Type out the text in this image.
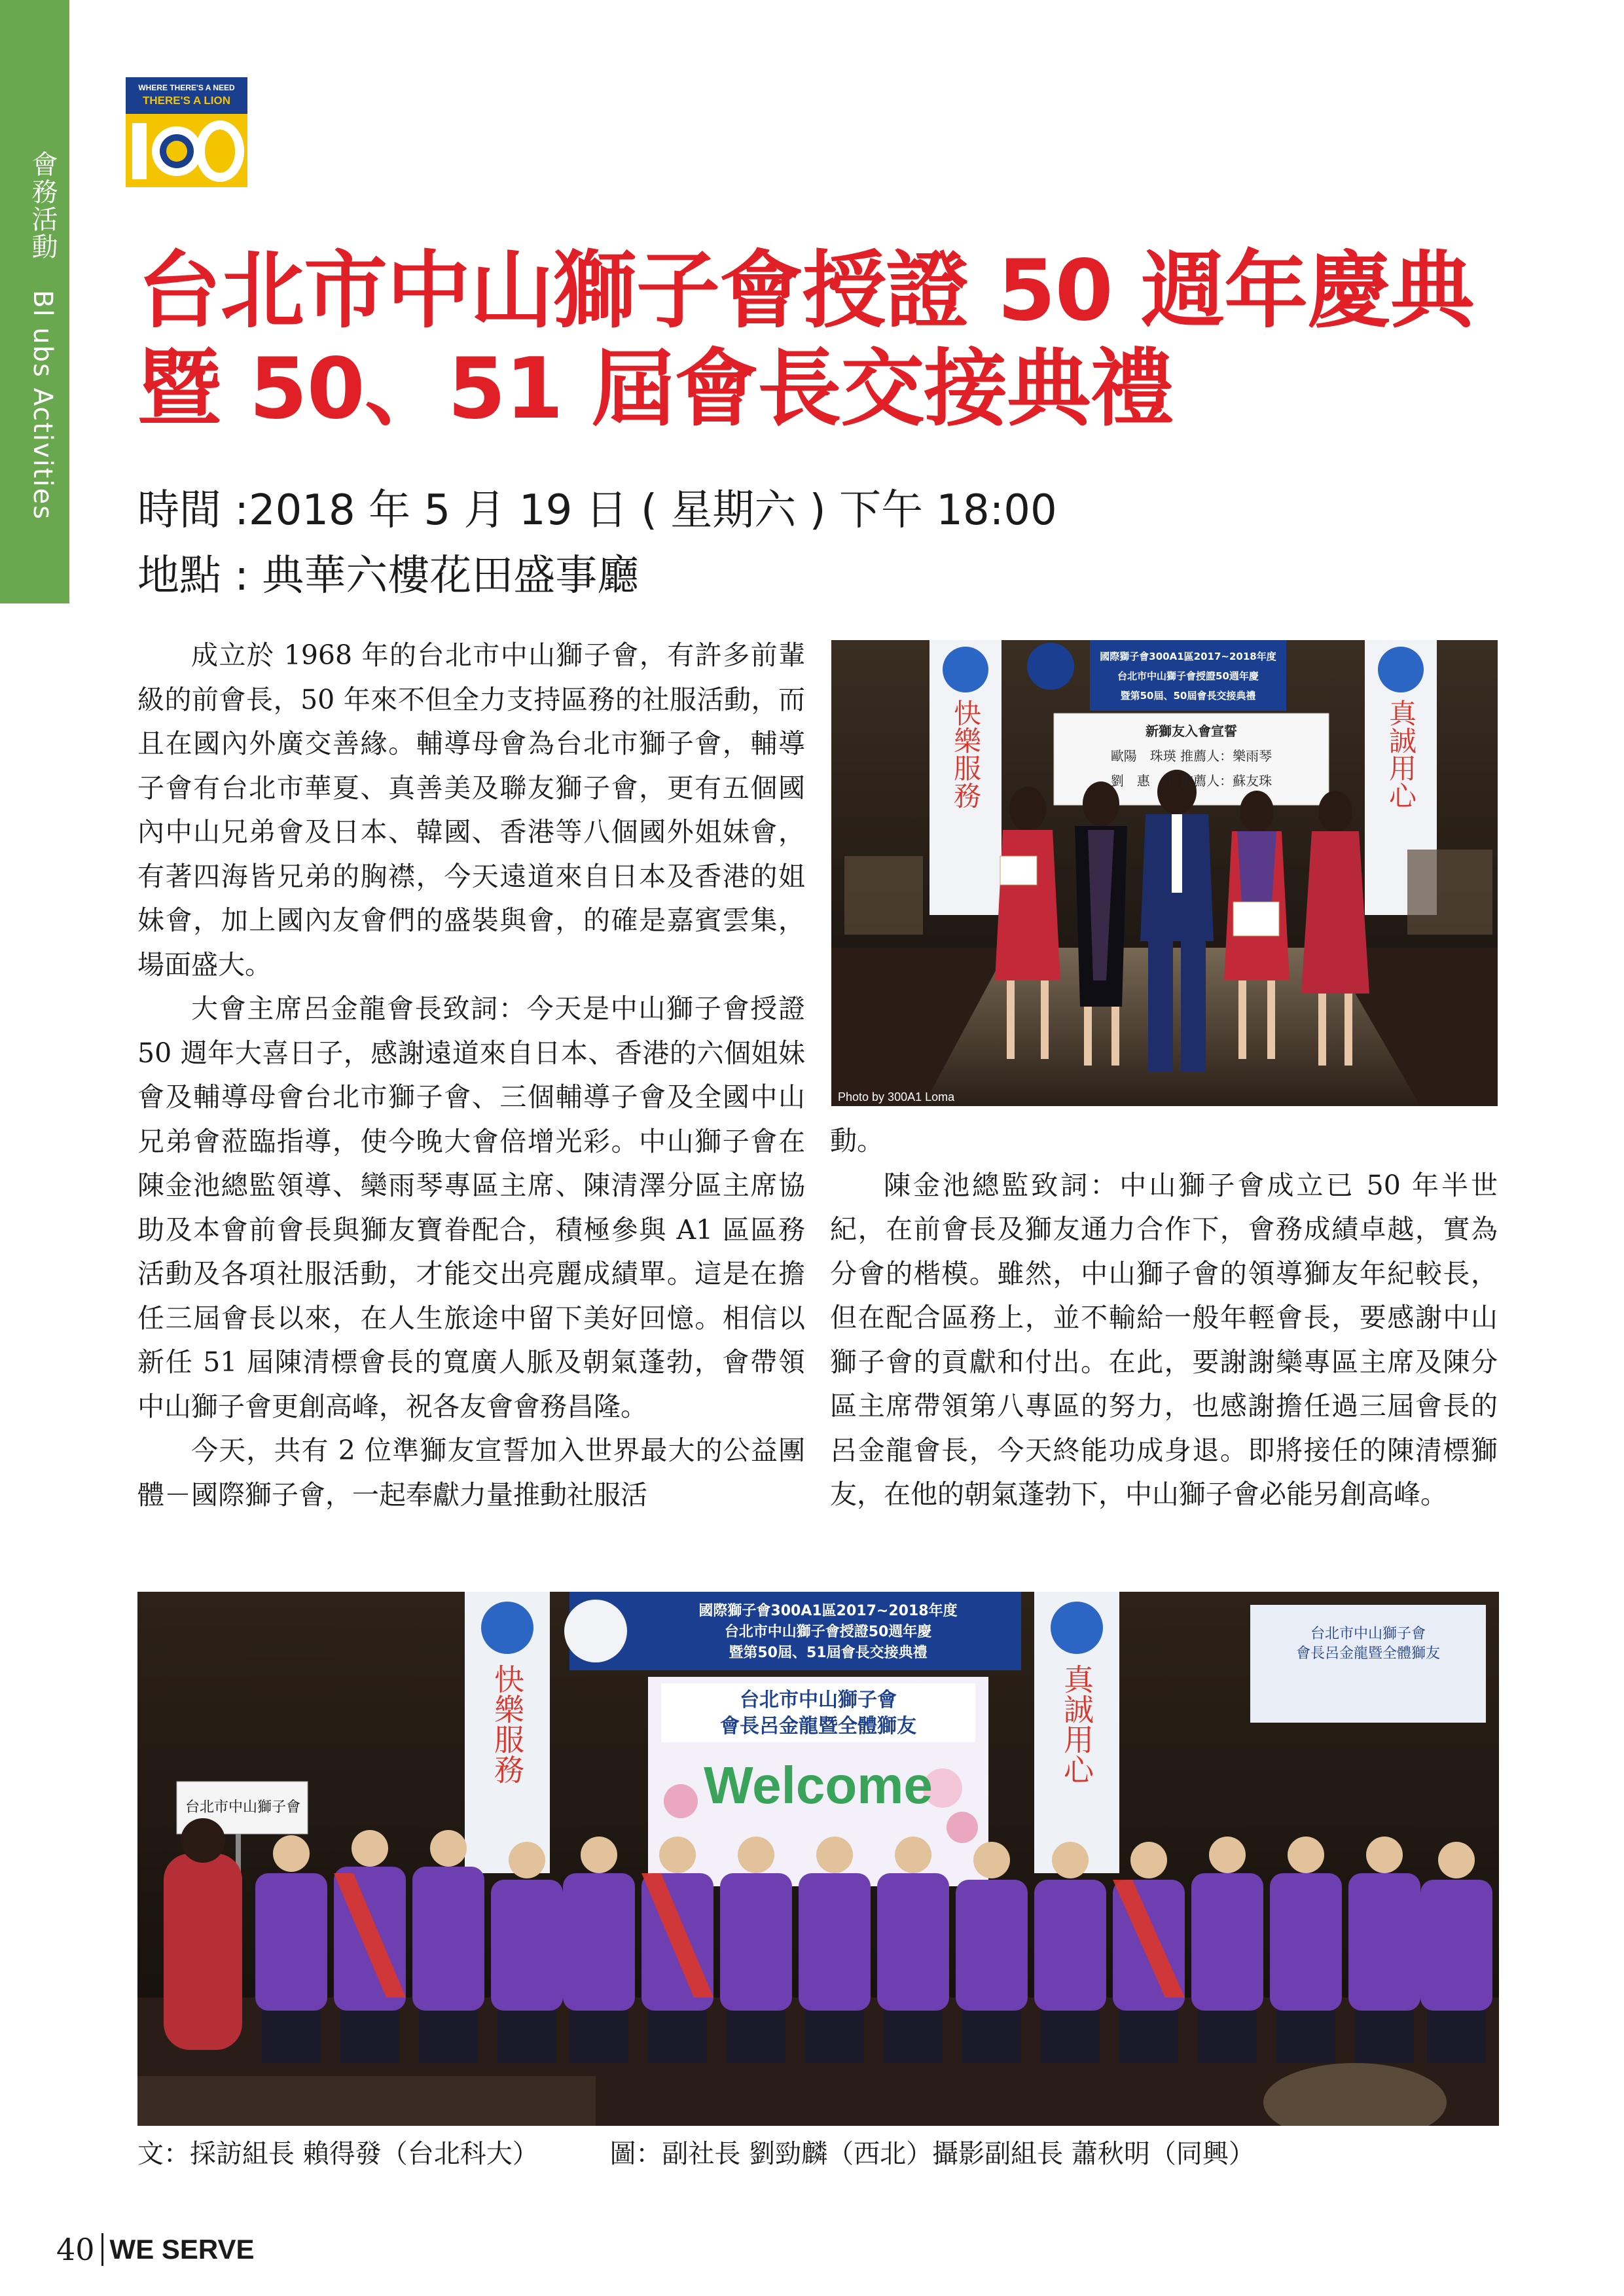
會務活動 Bl ubs Activities
WHERE THERE'S A NEED
THERE'S A LION
台北市中山獅子會授證 50 週年慶典
暨 50、51 屆會長交接典禮
時間 :2018 年 5 月 19 日 ( 星期六 ) 下午 18:00
地點 : 典華六樓花田盛事廳

成立於 1968 年的台北市中山獅子會，有許多前輩級的前會長，50 年來不但全力支持區務的社服活動，而且在國內外廣交善緣。輔導母會為台北市獅子會，輔導子會有台北市華夏、真善美及聯友獅子會，更有五個國內中山兄弟會及日本、韓國、香港等八個國外姐妹會，有著四海皆兄弟的胸襟，今天遠道來自日本及香港的姐妹會，加上國內友會們的盛裝與會，的確是嘉賓雲集，場面盛大。

大會主席呂金龍會長致詞：今天是中山獅子會授證 50 週年大喜日子，感謝遠道來自日本、香港的六個姐妹會及輔導母會台北市獅子會、三個輔導子會及全國中山兄弟會蒞臨指導，使今晚大會倍增光彩。中山獅子會在陳金池總監領導、欒雨琴專區主席、陳清澤分區主席協助及本會前會長與獅友寶眷配合，積極參與 A1 區區務活動及各項社服活動，才能交出亮麗成績單。這是在擔任三屆會長以來，在人生旅途中留下美好回憶。相信以新任 51 屆陳清標會長的寬廣人脈及朝氣蓬勃，會帶領中山獅子會更創高峰，祝各友會會務昌隆。

今天，共有 2 位準獅友宣誓加入世界最大的公益團體－國際獅子會，一起奉獻力量推動社服活

動。

陳金池總監致詞：中山獅子會成立已 50 年半世紀，在前會長及獅友通力合作下，會務成績卓越，實為分會的楷模。雖然，中山獅子會的領導獅友年紀較長，但在配合區務上，並不輸給一般年輕會長，要感謝中山獅子會的貢獻和付出。在此，要謝謝欒專區主席及陳分區主席帶領第八專區的努力，也感謝擔任過三屆會長的呂金龍會長，今天終能功成身退。即將接任的陳清標獅友，在他的朝氣蓬勃下，中山獅子會必能另創高峰。

國際獅子會300A1區2017~2018年度
台北市中山獅子會授證50週年慶
暨第50屆、50屆會長交接典禮
新獅友入會宣誓
歐陽　珠瑛 推薦人：樂雨琴
劉　惠　平 推薦人：蘇友珠
快樂服務	真誠用心
Photo by 300A1 Loma
國際獅子會300A1區2017~2018年度
台北市中山獅子會授證50週年慶
暨第50屆、51屆會長交接典禮
台北市中山獅子會
會長呂金龍暨全體獅友
Welcome
快樂服務	真誠用心
台北市中山獅子會
會長呂金龍暨全體獅友
台北市中山獅子會
文：採訪組長 賴得發（台北科大）	圖：副社長 劉勁麟（西北）攝影副組長 蕭秋明（同興）
40 WE SERVE
